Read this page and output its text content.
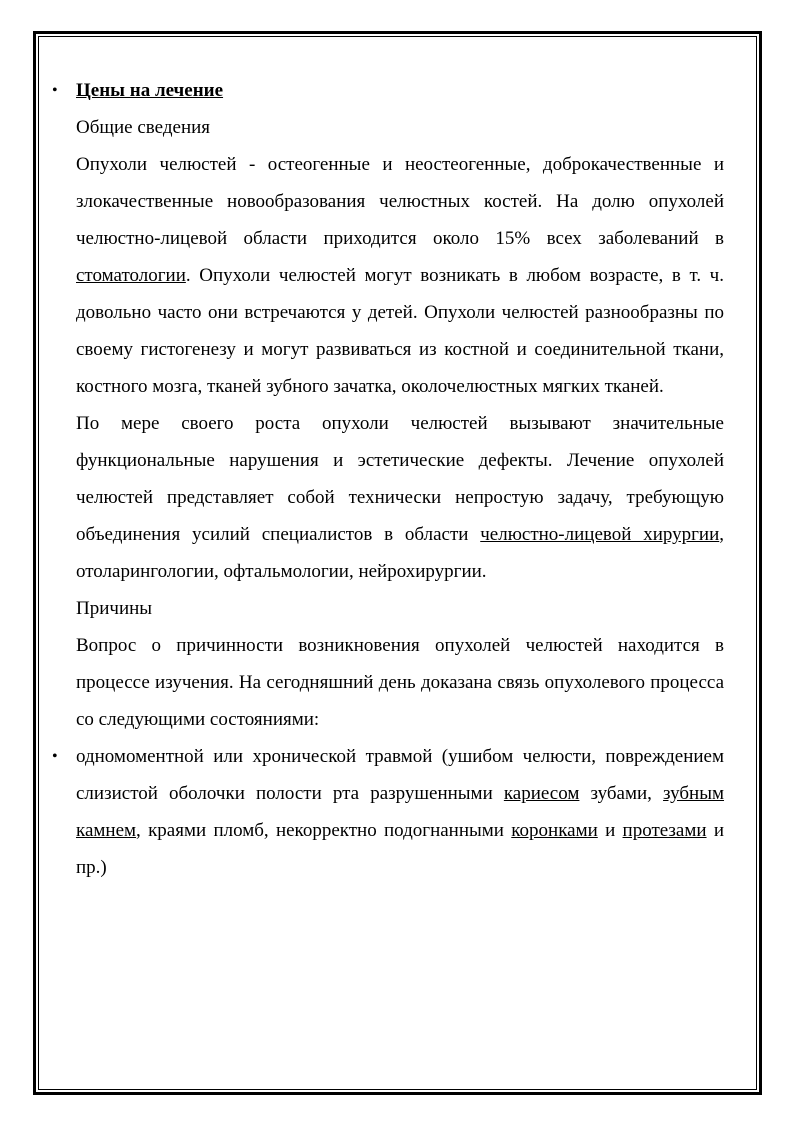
• Цены на лечение

Общие сведения

Опухоли челюстей - остеогенные и неостеогенные, доброкачественные и злокачественные новообразования челюстных костей. На долю опухолей челюстно-лицевой области приходится около 15% всех заболеваний в стоматологии. Опухоли челюстей могут возникать в любом возрасте, в т. ч. довольно часто они встречаются у детей. Опухоли челюстей разнообразны по своему гистогенезу и могут развиваться из костной и соединительной ткани, костного мозга, тканей зубного зачатка, околочелюстных мягких тканей.

По мере своего роста опухоли челюстей вызывают значительные функциональные нарушения и эстетические дефекты. Лечение опухолей челюстей представляет собой технически непростую задачу, требующую объединения усилий специалистов в области челюстно-лицевой хирургии, отоларингологии, офтальмологии, нейрохирургии.

Причины

Вопрос о причинности возникновения опухолей челюстей находится в процессе изучения. На сегодняшний день доказана связь опухолевого процесса со следующими состояниями:

• одномоментной или хронической травмой (ушибом челюсти, повреждением слизистой оболочки полости рта разрушенными кариесом зубами, зубным камнем, краями пломб, некорректно подогнанными коронками и протезами и пр.)
